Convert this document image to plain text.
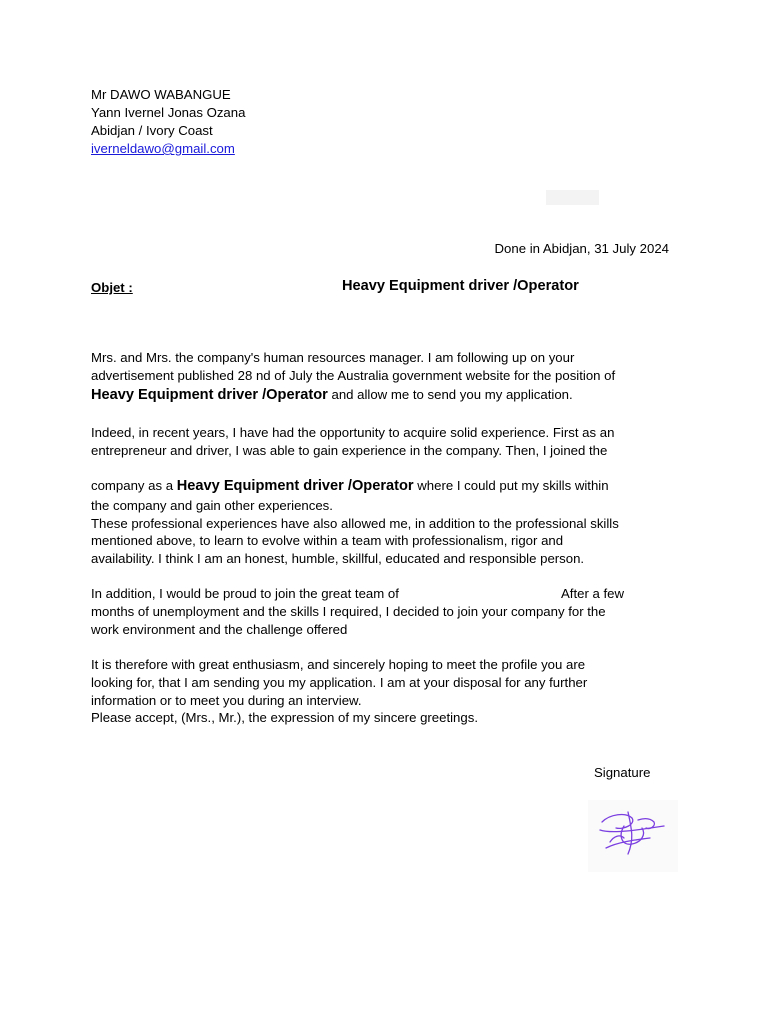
Mr DAWO WABANGUE
Yann Ivernel Jonas Ozana
Abidjan / Ivory Coast
iverneldawo@gmail.com
Done in Abidjan, 31 July 2024
Objet :	Heavy Equipment driver /Operator
Mrs. and Mrs. the company's human resources manager. I am following up on your
advertisement published 28 nd of July the Australia government website for the position of
Heavy Equipment driver /Operator and allow me to send you my application.
Indeed, in recent years, I have had the opportunity to acquire solid experience. First as an
entrepreneur and driver, I was able to gain experience in the company. Then, I joined the
company as a Heavy Equipment driver /Operator where I could put my skills within
the company and gain other experiences.
These professional experiences have also allowed me, in addition to the professional skills
mentioned above, to learn to evolve within a team with professionalism, rigor and
availability. I think I am an honest, humble, skillful, educated and responsible person.
In addition, I would be proud to join the great team of	After a few
months of unemployment and the skills I required, I decided to join your company for the
work environment and the challenge offered
It is therefore with great enthusiasm, and sincerely hoping to meet the profile you are
looking for, that I am sending you my application. I am at your disposal for any further
information or to meet you during an interview.
Please accept, (Mrs., Mr.), the expression of my sincere greetings.
Signature
